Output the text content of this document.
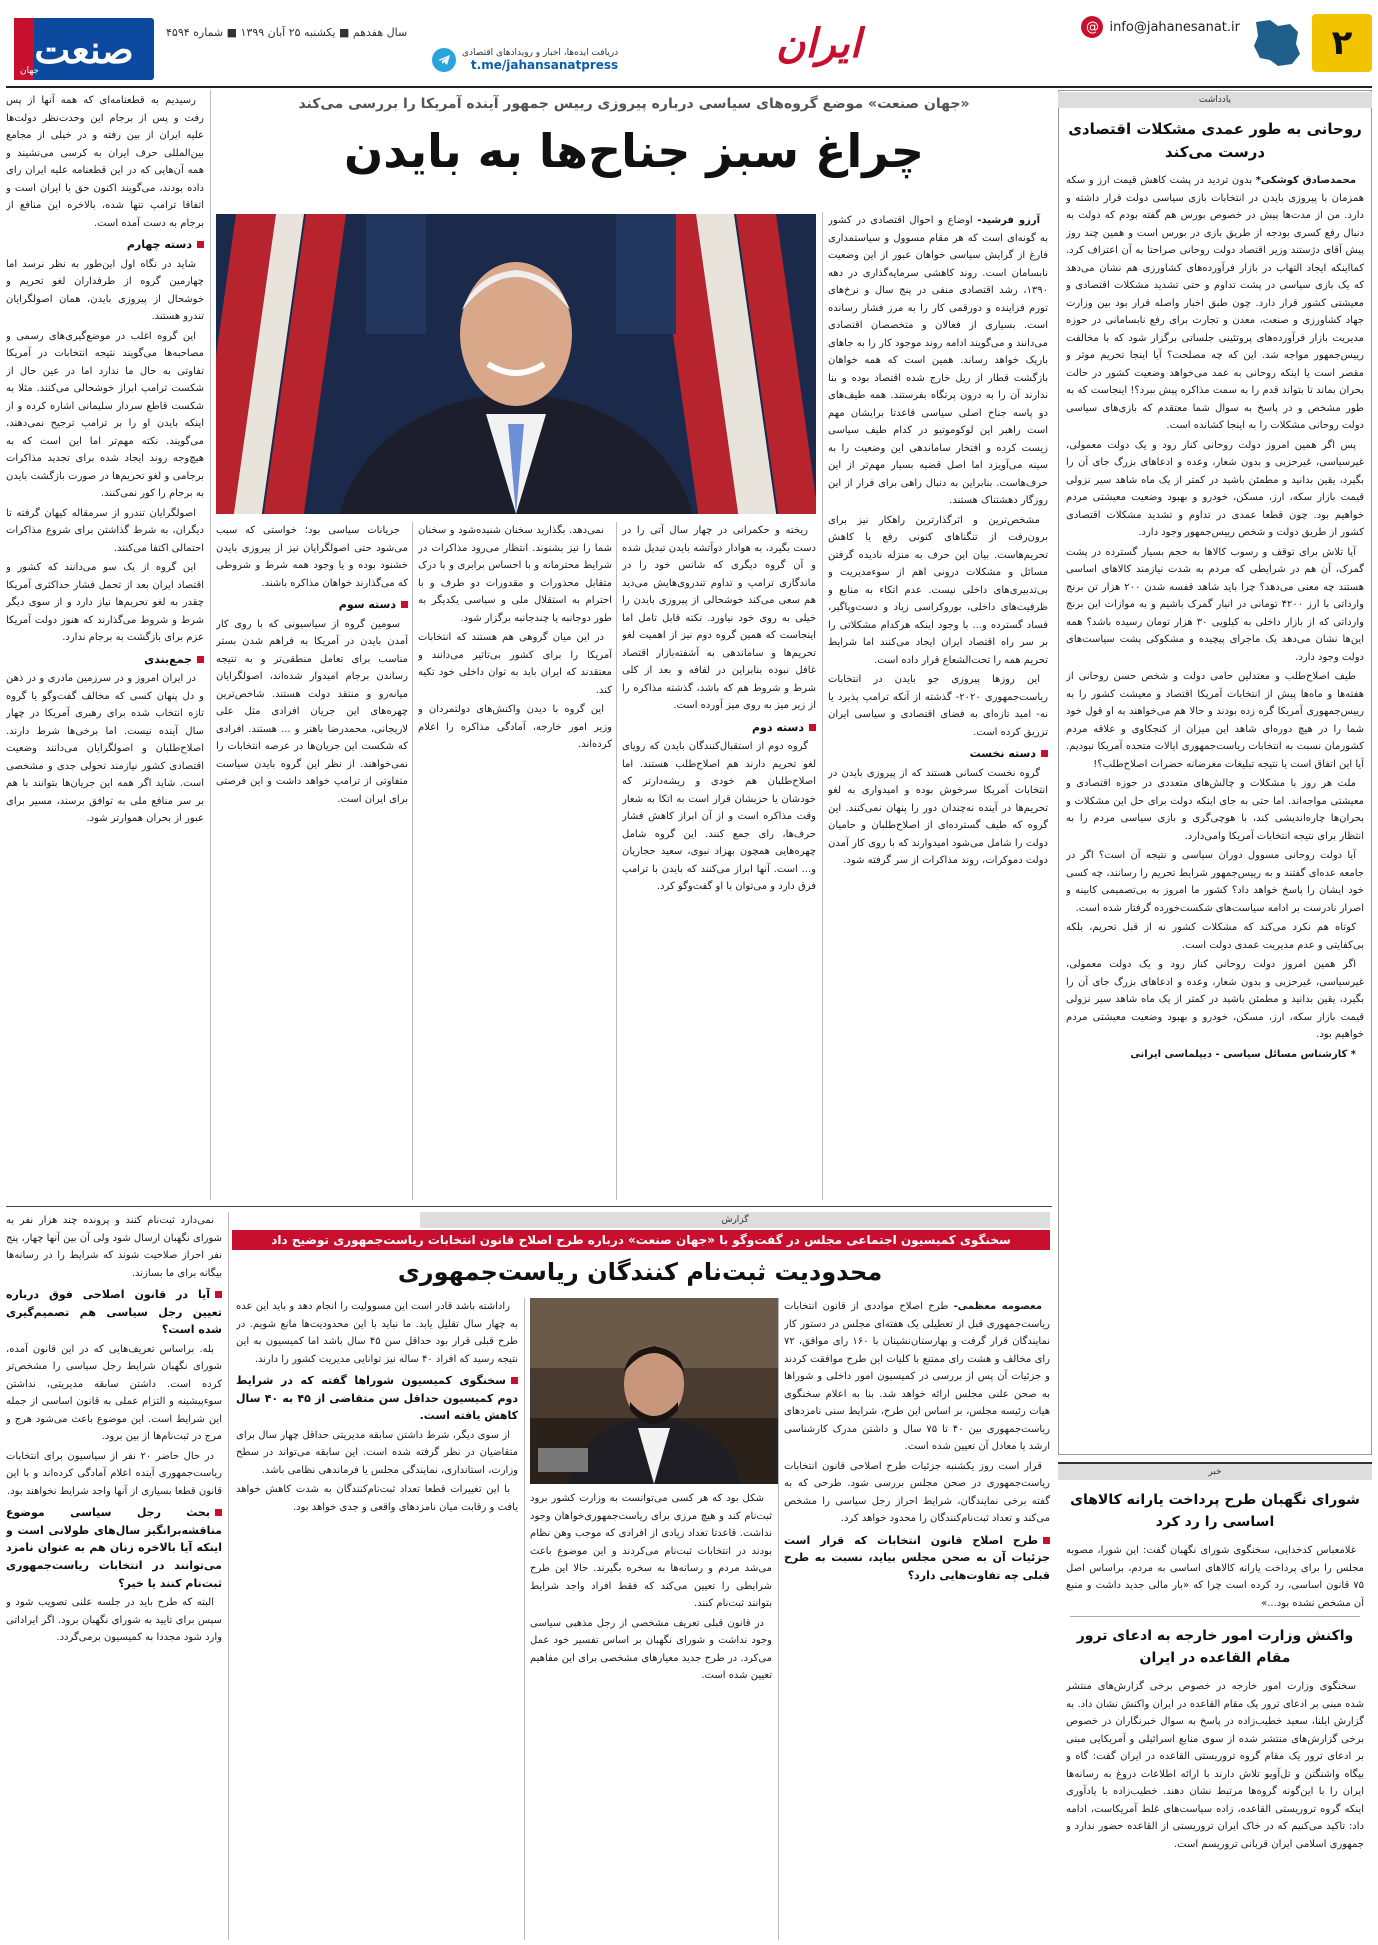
۲
@ info@jahanesanat.ir
ایران
دریافت ایده‌ها، اخبار و رویدادهای اقتصادی
t.me/jahansanatpress
سال هفدهم ■ یکشنبه ۲۵ آبان ۱۳۹۹ ■ شماره ۴۵۹۴
صنعت
جهان
یادداشت
روحانی به طور عمدی مشکلات اقتصادی درست می‌کند

محمدصادق کوشکی* بدون تردید در پشت کاهش قیمت ارز و سکه همزمان با پیروزی بایدن در انتخابات بازی سیاسی دولت قرار داشته و دارد. من از مدت‌ها پیش در خصوص بورس هم گفته بودم که دولت به دنبال رفع کسری بودجه از طریق بازی در بورس است و همین چند روز پیش آقای دژستند وزیر اقتصاد دولت روحانی صراحتا به آن اعتراف کرد. کمااینکه ایجاد التهاب در بازار فرآورده‌های کشاورزی هم نشان می‌دهد که یک بازی سیاسی در پشت تداوم و حتی تشدید مشکلات اقتصادی و معیشتی کشور قرار دارد. چون طبق اخبار واصله قرار بود بین وزارت جهاد کشاورزی و صنعت، معدن و تجارت برای رفع نابسامانی در حوزه مدیریت بازار فرآورده‌های پروتئینی جلساتی برگزار شود که با مخالفت رییس‌جمهور مواجه شد. این که چه مصلحت؟ آیا اینجا تحریم موثر و مقصر است یا اینکه روحانی به عمد می‌خواهد وضعیت کشور در حالت بحران بماند تا بتواند قدم را به سمت مذاکره پیش ببرد؟! اینجاست که به طور مشخص و در پاسخ به سوال شما معتقدم که بازی‌های سیاسی دولت روحانی مشکلات را به اینجا کشانده است.

پس اگر همین امروز دولت روحانی کنار رود و یک دولت معمولی، غیرسیاسی، غیرحزبی و بدون شعار، وعده و ادعاهای بزرگ جای آن را بگیرد، یقین بدانید و مطمئن باشید در کمتر از یک ماه شاهد سیر نزولی قیمت بازار سکه، ارز، مسکن، خودرو و بهبود وضعیت معیشتی مردم خواهیم بود. چون قطعا عمدی در تداوم و تشدید مشکلات اقتصادی کشور از طریق دولت و شخص رییس‌جمهور وجود دارد.

آیا تلاش برای توقف و رسوب کالاها به حجم بسیار گسترده در پشت گمرک، آن هم در شرایطی که مردم به شدت نیازمند کالاهای اساسی هستند چه معنی می‌دهد؟ چرا باید شاهد قفسه شدن ۲۰۰ هزار تن برنج وارداتی با ارز ۴۲۰۰ تومانی در انبار گمرک باشیم و به موازات این برنج وارداتی که از بازار داخلی به کیلویی ۳۰ هزار تومان رسیده باشد؟ همه این‌ها نشان می‌دهد یک ماجرای پیچیده و مشکوکی پشت سیاست‌های دولت وجود دارد.

طیف اصلاح‌طلب و معتدلین حامی دولت و شخص حسن روحانی از هفته‌ها و ماه‌ها پیش از انتخابات آمریکا اقتصاد و معیشت کشور را به رییس‌جمهوری آمریکا گره زده بودند و حالا هم می‌خواهند به او قول خود شما را در هیچ دوره‌ای شاهد این میزان از کنجکاوی و علاقه مردم کشورمان نسبت به انتخابات ریاست‌جمهوری ایالات متحده آمریکا نبودیم. آیا این اتفاق است یا نتیجه تبلیغات مغرضانه حضرات اصلاح‌طلب؟!

ملت هر روز با مشکلات و چالش‌های متعددی در حوزه اقتصادی و معیشتی مواجه‌اند. اما حتی به جای اینکه دولت برای حل این مشکلات و بحران‌ها چاره‌اندیشی کند، با هوچی‌گری و بازی سیاسی مردم را به انتظار برای نتیجه انتخابات آمریکا وامی‌دارد.

آیا دولت روحانی مسوول دوران سیاسی و نتیجه آن است؟ اگر در جامعه عده‌ای گفتند و به رییس‌جمهور شرایط تحریم را رسانند، چه کسی خود ایشان را پاسخ خواهد داد؟ کشور ما امروز به بی‌تصمیمی کابینه و اصرار نادرست بر ادامه سیاست‌های شکست‌خورده گرفتار شده است.

کوتاه هم نکرد می‌کند که مشکلات کشور نه از قبل تحریم، بلکه بی‌کفایتی و عدم مدیریت عمدی دولت است.

اگر همین امروز دولت روحانی کنار رود و یک دولت معمولی، غیرسیاسی، غیرحزبی و بدون شعار، وعده و ادعاهای بزرگ جای آن را بگیرد، یقین بدانید و مطمئن باشید در کمتر از یک ماه شاهد سیر نزولی قیمت بازار سکه، ارز، مسکن، خودرو و بهبود وضعیت معیشتی مردم خواهیم بود.

* کارشناس مسائل سیاسی - دیپلماسی ایرانی

خبر
شورای نگهبان طرح پرداخت یارانه کالاهای اساسی را رد کرد

غلامعباس کدخدایی، سخنگوی شورای نگهبان گفت: این شورا، مصوبه مجلس را برای پرداخت یارانه کالاهای اساسی به مردم، براساس اصل ۷۵ قانون اساسی، رد کرده است چرا که «بار مالی جدید داشت و منبع آن مشخص نشده بود...»

واکنش وزارت امور خارجه به ادعای ترور مقام القاعده در ایران

سخنگوی وزارت امور خارجه در خصوص برخی گزارش‌های منتشر شده مبنی بر ادعای ترور یک مقام القاعده در ایران واکنش نشان داد. به گزارش ایلنا، سعید خطیب‌زاده در پاسخ به سوال خبرنگاران در خصوص برخی گزارش‌های منتشر شده از سوی منابع اسرائیلی و آمریکایی مبنی بر ادعای ترور یک مقام گروه تروریستی القاعده در ایران گفت: گاه و بیگاه واشنگتن و تل‌آویو تلاش دارند با ارائه اطلاعات دروغ به رسانه‌ها ایران را با این‌گونه گروه‌ها مرتبط نشان دهند. خطیب‌زاده با یادآوری اینکه گروه تروریستی القاعده، زاده سیاست‌های غلط آمریکاست، ادامه داد: تاکید می‌کنیم که در خاک ایران تروریستی از القاعده حضور ندارد و جمهوری اسلامی ایران قربانی تروریسم است.

«جهان صنعت» موضع گروه‌های سیاسی درباره پیروزی رییس جمهور آینده آمریکا را بررسی می‌کند
چراغ سبز جناح‌ها به بایدن

آرزو فرشید- اوضاع و احوال اقتصادی در کشور به گونه‌ای است که هر مقام مسوول و سیاستمداری فارغ از گرایش سیاسی خواهان عبور از این وضعیت نابسامان است. روند کاهشی سرمایه‌گذاری در دهه ۱۳۹۰، رشد اقتصادی منفی در پنج سال و نرخ‌های تورم فزاینده و دورقمی کار را به مرز فشار رسانده است. بسیاری از فعالان و متخصصان اقتصادی می‌دانند و می‌گویند ادامه روند موجود کار را به جاهای باریک خواهد رساند. همین است که همه خواهان بازگشت قطار از ریل خارج شده اقتصاد بوده و بنا ندارند آن را به درون پرتگاه بفرستند. همه طیف‌های دو پاسه جناح اصلی سیاسی قاعدتا برایشان مهم است راهبر این لوکوموتیو در کدام طیف سیاسی زیست کرده و افتخار ساماندهی این وضعیت را به سینه می‌آویزد اما اصل قضیه بسیار مهم‌تر از این حرف‌هاست. بنابراین به دنبال راهی برای فرار از این روزگار دهشتناک هستند.

مشخص‌ترین و اثرگذارترین راهکار نیز برای برون‌رفت از تنگناهای کنونی رفع یا کاهش تحریم‌هاست. بیان این حرف به منزله نادیده گرفتن مسائل و مشکلات درونی اهم از سوءمدیریت و بی‌تدبیری‌های داخلی نیست. عدم اتکاء به منابع و ظرفیت‌های داخلی، بوروکراسی زیاد و دست‌وپاگیر، فساد گسترده و... با وجود اینکه هرکدام مشکلاتی را بر سر راه اقتصاد ایران ایجاد می‌کنند اما شرایط تحریم همه را تحت‌الشعاع قرار داده است.

این روزها پیروزی جو بایدن در انتخابات ریاست‌جمهوری ۲۰۲۰- گذشته از آنکه ترامپ پذیرد یا نه- امید تازه‌ای به فضای اقتصادی و سیاسی ایران تزریق کرده است.

دسته نخست

گروه نخست کسانی هستند که از پیروزی بایدن در انتخابات آمریکا سرخوش بوده و امیدواری به لغو تحریم‌ها در آینده نه‌چندان دور را پنهان نمی‌کنند. این گروه که طیف گسترده‌ای از اصلاح‌طلبان و حامیان دولت را شامل می‌شود امیدوارند که با روی کار آمدن دولت دموکرات، روند مذاکرات از سر گرفته شود.

ریخته و حکمرانی در چهار سال آتی را در دست بگیرد، به هوادار دوآتشه بایدن تبدیل شده و آن گروه دیگری که شانس خود را در ماندگاری ترامپ و تداوم تندروی‌هایش می‌دید هم سعی می‌کند خوشحالی از پیروزی بایدن را خیلی به روی خود نیاورد. نکته قابل تامل اما اینجاست که همین گروه دوم نیز از اهمیت لغو تحریم‌ها و ساماندهی به آشفته‌بازار اقتصاد غافل نبوده بنابراین در لفافه و بعد از کلی شرط و شروط هم که باشد، گذشته مذاکره را از زیر میز به روی میز آورده است.

دسته دوم

گروه دوم از استقبال‌کنندگان بایدن که رویای لغو تحریم دارند هم اصلاح‌طلب هستند. اما اصلاح‌طلبان هم خودی و ریشه‌دارتر که خودشان یا حزبشان قرار است به اتکا به شعار وقت مذاکره است و از آن ابراز کاهش فشار حرف‌ها، رای جمع کنند. این گروه شامل چهره‌هایی همچون بهزاد نبوی، سعید حجاریان و... است. آنها ابراز می‌کنند که بایدن با ترامپ فرق دارد و می‌توان با او گفت‌وگو کرد.

نمی‌دهد. بگذارید سخنان شنیده‌شود و سخنان شما را نیز بشنوند. انتظار می‌رود مذاکرات در شرایط محترمانه و با احساس برابری و با درک متقابل محذورات و مقدورات دو طرف و با احترام به استقلال ملی و سیاسی یکدیگر به طور دوجانبه یا چندجانبه برگزار شود.

در این میان گروهی هم هستند که انتخابات آمریکا را برای کشور بی‌تاثیر می‌دانند و معتقدند که ایران باید به توان داخلی خود تکیه کند.

این گروه با دیدن واکنش‌های دولتمردان و وزیر امور خارجه، آمادگی مذاکره را اعلام کرده‌اند.

جریانات سیاسی بود؛ خواستی که سبب می‌شود حتی اصولگرایان نیز از پیروزی بایدن خشنود بوده و یا وجود همه شرط و شروطی که می‌گذارند خواهان مذاکره باشند.

دسته سوم

سومین گروه از سیاسیونی که با روی کار آمدن بایدن در آمریکا به فراهم شدن بستر مناسب برای تعامل منطقی‌تر و به نتیجه رساندن برجام امیدوار شده‌اند، اصولگرایان میانه‌رو و منتقد دولت هستند. شاخص‌ترین چهره‌های این جریان افرادی مثل علی لاریجانی، محمدرضا باهنر و ... هستند. افرادی که شکست این جریان‌ها در عرصه انتخابات را نمی‌خواهند. از نظر این گروه بایدن سیاست متفاوتی از ترامپ خواهد داشت و این فرصتی برای ایران است.

رسیدیم به قطعنامه‌ای که همه آنها از پس رفت و پس از برجام این وحدت‌نظر دولت‌ها علیه ایران از بین رفته و در خیلی از مجامع بین‌المللی حرف ایران به کرسی می‌نشیند و همه آن‌هایی که در این قطعنامه علیه ایران رای داده بودند، می‌گویند اکنون حق با ایران است و اتفاقا ترامپ تنها شده، بالاخره این منافع از برجام به دست آمده است.

دسته چهارم

شاید در نگاه اول این‌طور به نظر نرسد اما چهارمین گروه از طرفداران لغو تحریم و خوشحال از پیروزی بایدن، همان اصولگرایان تندرو هستند.

این گروه اغلب در موضع‌گیری‌های رسمی و مصاحبه‌ها می‌گویند نتیجه انتخابات در آمریکا تفاوتی به حال ما ندارد اما در عین حال از شکست ترامپ ابراز خوشحالی می‌کنند. مثلا به شکست قاطع سردار سلیمانی اشاره کرده و از اینکه بایدن او را بر ترامپ ترجیح نمی‌دهند، می‌گویند. نکته مهم‌تر اما این است که به هیچ‌وجه روند ایجاد شده برای تجدید مذاکرات برجامی و لغو تحریم‌ها در صورت بازگشت بایدن به برجام را کور نمی‌کنند.

اصولگرایان تندرو از سرمقاله کیهان گرفته تا دیگران، به شرط گذاشتن برای شروع مذاکرات احتمالی اکتفا می‌کنند.

این گروه از یک سو می‌دانند که کشور و اقتصاد ایران بعد از تحمل فشار حداکثری آمریکا چقدر به لغو تحریم‌ها نیاز دارد و از سوی دیگر شرط و شروط می‌گذارند که هنوز دولت آمریکا عزم برای بازگشت به برجام ندارد.

جمع‌بندی

در ایران امروز و در سرزمین مادری و در ذهن و دل پنهان کسی که مخالف گفت‌وگو یا گروه تازه انتخاب شده برای رهبری آمریکا در چهار سال آینده نیست. اما برخی‌ها شرط دارند. اصلاح‌طلبان و اصولگرایان می‌دانند وضعیت اقتصادی کشور نیازمند تحولی جدی و مشخصی است. شاید اگر همه این جریان‌ها بتوانند با هم بر سر منافع ملی به توافق برسند، مسیر برای عبور از بحران هموارتر شود.

گزارش
سخنگوی کمیسیون اجتماعی مجلس در گفت‌وگو با «جهان صنعت» درباره طرح اصلاح قانون انتخابات ریاست‌جمهوری توضیح داد
محدودیت ثبت‌نام کنندگان ریاست‌جمهوری

معصومه معظمی- طرح اصلاح مواددی از قانون انتخابات ریاست‌جمهوری قبل از تعطیلی یک هفته‌ای مجلس در دستور کار نمایندگان قرار گرفت و بهارستان‌نشینان با ۱۶۰ رای موافق، ۷۲ رای مخالف و هشت رای ممتنع با کلیات این طرح موافقت کردند و جزئیات آن پس از بررسی در کمیسیون امور داخلی و شوراها به صحن علنی مجلس ارائه خواهد شد. بنا به اعلام سخنگوی هیات رئیسه مجلس، بر اساس این طرح، شرایط سنی نامزدهای ریاست‌جمهوری بین ۴۰ تا ۷۵ سال و داشتن مدرک کارشناسی ارشد یا معادل آن تعیین شده است.

قرار است روز یکشنبه جزئیات طرح اصلاحی قانون انتخابات ریاست‌جمهوری در صحن مجلس بررسی شود. طرحی که به گفته برخی نمایندگان، شرایط احراز رجل سیاسی را مشخص می‌کند و تعداد ثبت‌نام‌کنندگان را محدود خواهد کرد.

طرح اصلاح قانون انتخابات که قرار است جزئیات آن به صحن مجلس بیاید، نسبت به طرح قبلی چه تفاوت‌هایی دارد؟

شکل بود که هر کسی می‌توانست به وزارت کشور برود ثبت‌نام کند و هیچ مرزی برای ریاست‌جمهوری‌خواهان وجود نداشت. قاعدتا تعداد زیادی از افرادی که موجب وهن نظام بودند در انتخابات ثبت‌نام می‌کردند و این موضوع باعث می‌شد مردم و رسانه‌ها به سخره بگیرند. حالا این طرح شرایطی را تعیین می‌کند که فقط افراد واجد شرایط بتوانند ثبت‌نام کنند.

در قانون قبلی تعریف مشخصی از رجل مذهبی سیاسی وجود نداشت و شورای نگهبان بر اساس تفسیر خود عمل می‌کرد. در طرح جدید معیارهای مشخصی برای این مفاهیم تعیین شده است.

راداشته باشد قادر است این مسوولیت را انجام دهد و باید این عده به چهار سال تقلیل یابد. ما نباید با این محدودیت‌ها مانع شویم. در طرح قبلی قرار بود حداقل سن ۴۵ سال باشد اما کمیسیون به این نتیجه رسید که افراد ۴۰ ساله نیز توانایی مدیریت کشور را دارند.

سخنگوی کمیسیون شوراها گفته که در شرایط دوم کمیسیون حداقل سن متقاضی از ۴۵ به ۴۰ سال کاهش یافته است.

از سوی دیگر، شرط داشتن سابقه مدیریتی حداقل چهار سال برای متقاضیان در نظر گرفته شده است. این سابقه می‌تواند در سطح وزارت، استانداری، نمایندگی مجلس یا فرماندهی نظامی باشد.

با این تغییرات قطعا تعداد ثبت‌نام‌کنندگان به شدت کاهش خواهد یافت و رقابت میان نامزدهای واقعی و جدی خواهد بود.

نمی‌دارد ثبت‌نام کنند و پرونده چند هزار نفر به شورای نگهبان ارسال شود ولی آن بین آنها چهار، پنج نفر احراز صلاحیت شوند که شرایط را در رسانه‌ها بیگانه برای ما بسازند.

آیا در قانون اصلاحی فوق درباره تعیین رجل سیاسی هم تصمیم‌گیری شده است؟

بله. براساس تعریف‌هایی که در این قانون آمده، شورای نگهبان شرایط رجل سیاسی را مشخص‌تر کرده است. داشتن سابقه مدیریتی، نداشتن سوءپیشینه و التزام عملی به قانون اساسی از جمله این شرایط است. این موضوع باعث می‌شود هرج و مرج در ثبت‌نام‌ها از بین برود.

در حال حاضر ۲۰ نفر از سیاسیون برای انتخابات ریاست‌جمهوری آینده اعلام آمادگی کرده‌اند و با این قانون قطعا بسیاری از آنها واجد شرایط نخواهند بود.

بحث رجل سیاسی موضوع مناقشه‌برانگیز سال‌های طولانی است و اینکه آیا بالاخره زنان هم به عنوان نامزد می‌توانند در انتخابات ریاست‌جمهوری ثبت‌نام کنند یا خیر؟

البته که طرح باید در جلسه علنی تصویب شود و سپس برای تایید به شورای نگهبان برود. اگر ایراداتی وارد شود مجددا به کمیسیون برمی‌گردد.
